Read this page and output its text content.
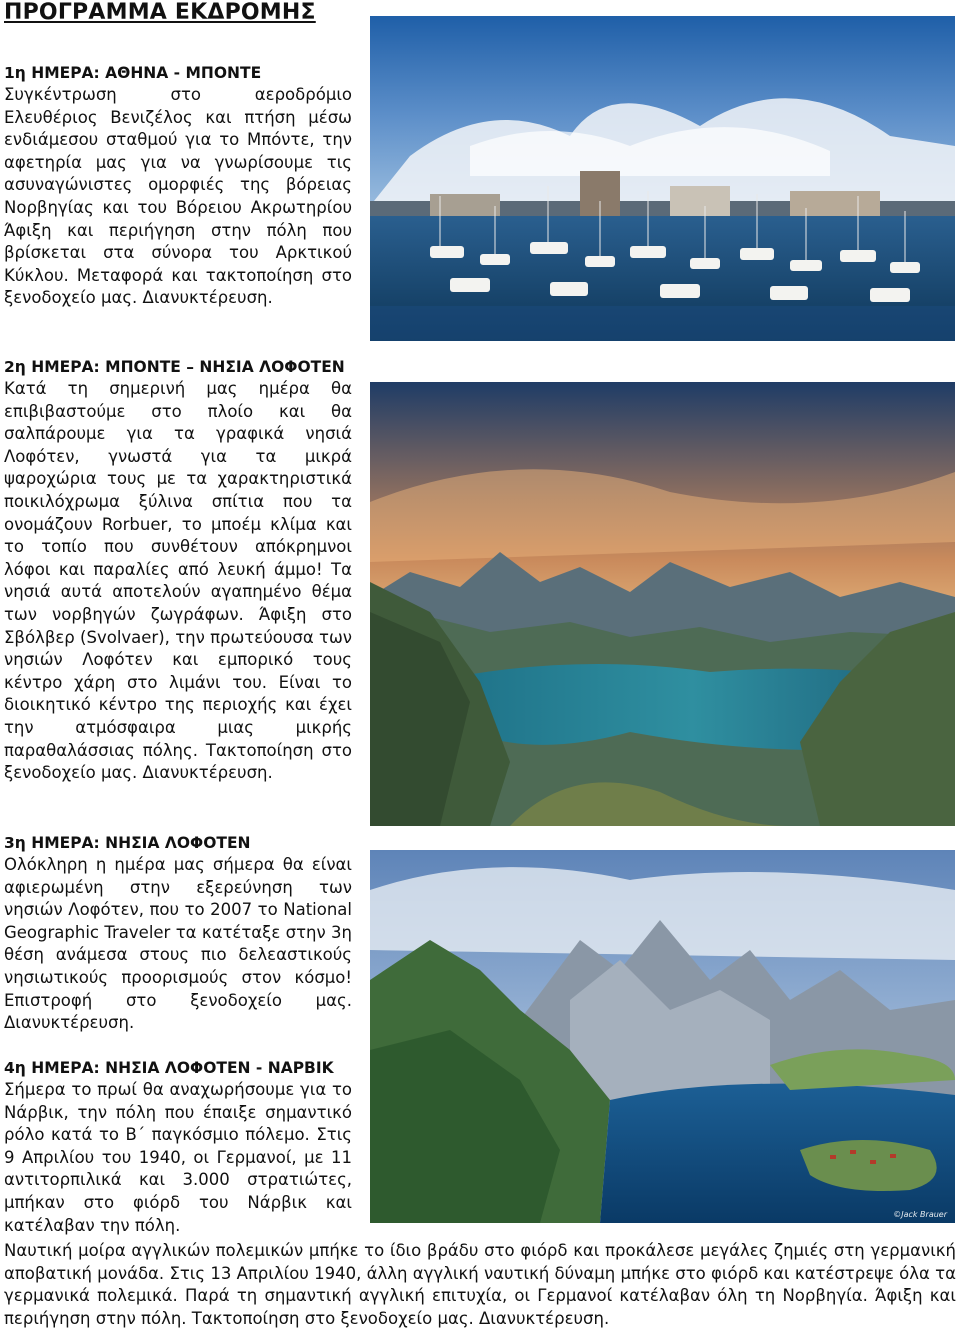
ΠΡΟΓΡΑΜΜΑ ΕΚΔΡΟΜΗΣ

1η ΗΜΕΡΑ: ΑΘΗΝΑ - ΜΠΟΝΤΕ

Συγκέντρωση στο αεροδρόμιο Ελευθέριος Βενιζέλος και πτήση μέσω ενδιάμεσου σταθμού για το Μπόντε, την αφετηρία μας για να γνωρίσουμε τις ασυναγώνιστες ομορφιές της βόρειας Νορβηγίας και του Βόρειου Ακρωτηρίου Άφιξη και περιήγηση στην πόλη που βρίσκεται στα σύνορα του Αρκτικού Κύκλου. Μεταφορά και τακτοποίηση στο ξενοδοχείο μας. Διανυκτέρευση.

2η ΗΜΕΡΑ: ΜΠΟΝΤΕ – ΝΗΣΙΑ ΛΟΦΟΤΕΝ

Κατά τη σημερινή μας ημέρα θα επιβιβαστούμε στο πλοίο και θα σαλπάρουμε για τα γραφικά νησιά Λοφότεν, γνωστά για τα μικρά ψαροχώρια τους με τα χαρακτηριστικά ποικιλόχρωμα ξύλινα σπίτια που τα ονομάζουν Rorbuer, το μποέμ κλίμα και το τοπίο που συνθέτουν απόκρημνοι λόφοι και παραλίες από λευκή άμμο! Τα νησιά αυτά αποτελούν αγαπημένο θέμα των νορβηγών ζωγράφων. Άφιξη στο Σβόλβερ (Svolvaer), την πρωτεύουσα των νησιών Λοφότεν και εμπορικό τους κέντρο χάρη στο λιμάνι του. Είναι το διοικητικό κέντρο της περιοχής και έχει την ατμόσφαιρα μιας μικρής παραθαλάσσιας πόλης. Τακτοποίηση στο ξενοδοχείο μας. Διανυκτέρευση.

3η ΗΜΕΡΑ: ΝΗΣΙΑ ΛΟΦΟΤΕΝ

Ολόκληρη η ημέρα μας σήμερα θα είναι αφιερωμένη στην εξερεύνηση των νησιών Λοφότεν, που το 2007 το National Geographic Traveler τα κατέταξε στην 3η θέση ανάμεσα στους πιο δελεαστικούς νησιωτικούς προορισμούς στον κόσμο! Επιστροφή στο ξενοδοχείο μας. Διανυκτέρευση.

4η ΗΜΕΡΑ: ΝΗΣΙΑ ΛΟΦΟΤΕΝ - ΝΑΡΒΙΚ

Σήμερα το πρωί θα αναχωρήσουμε για το Νάρβικ, την πόλη που έπαιξε σημαντικό ρόλο κατά το Β΄ παγκόσμιο πόλεμο. Στις 9 Απριλίου του 1940, οι Γερμανοί, με 11 αντιτορπιλικά και 3.000 στρατιώτες, μπήκαν στο φιόρδ του Νάρβικ και κατέλαβαν την πόλη.

Ναυτική μοίρα αγγλικών πολεμικών μπήκε το ίδιο βράδυ στο φιόρδ και προκάλεσε μεγάλες ζημιές στη γερμανική αποβατική μονάδα. Στις 13 Απριλίου 1940, άλλη αγγλική ναυτική δύναμη μπήκε στο φιόρδ και κατέστρεψε όλα τα γερμανικά πολεμικά. Παρά τη σημαντική αγγλική επιτυχία, οι Γερμανοί κατέλαβαν όλη τη Νορβηγία. Άφιξη και περιήγηση στην πόλη. Τακτοποίηση στο ξενοδοχείο μας. Διανυκτέρευση.

©Jack Brauer
